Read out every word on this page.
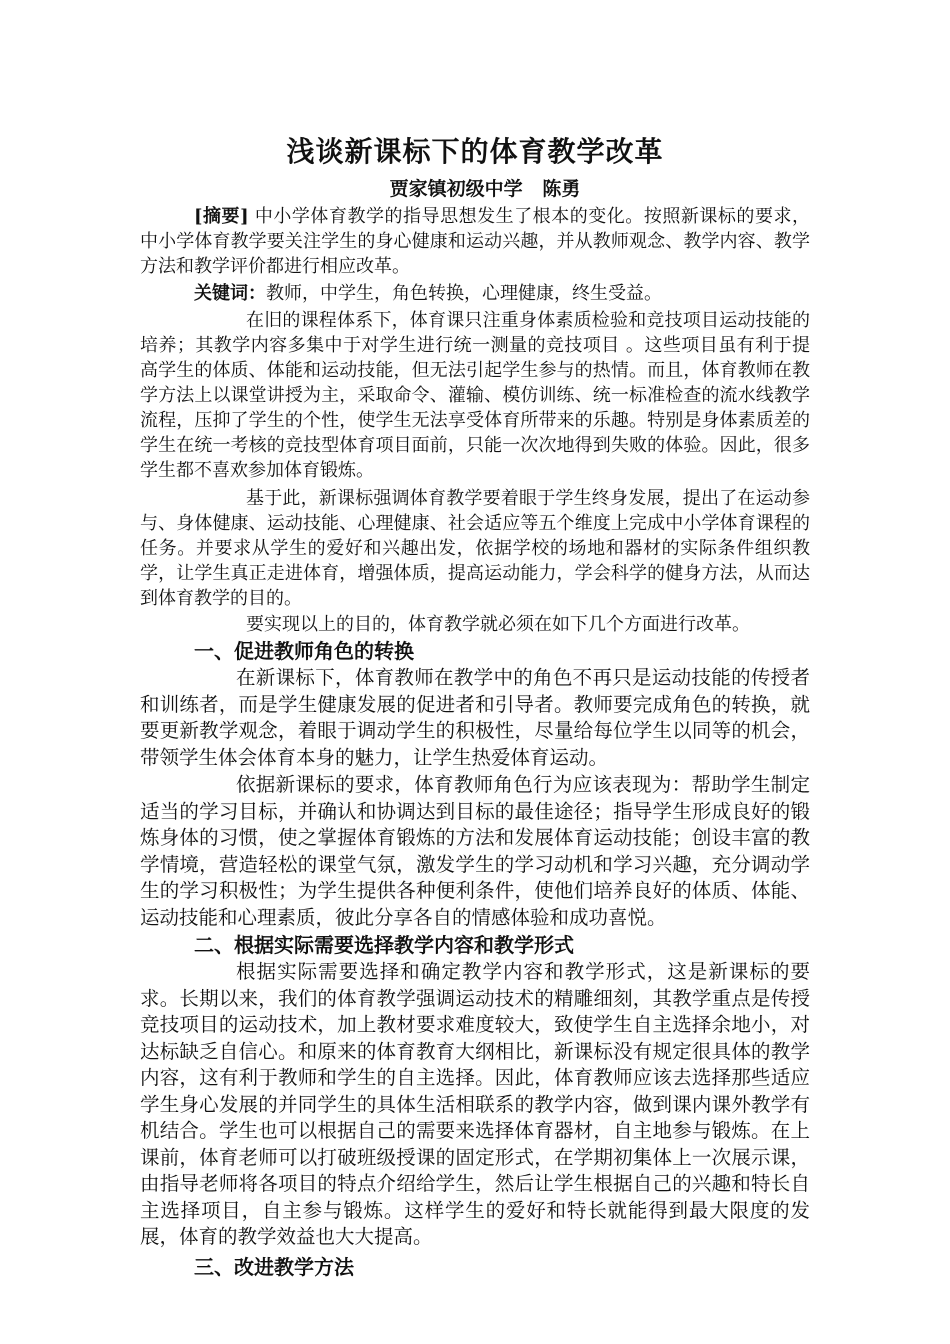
浅谈新课标下的体育教学改革
贾家镇初级中学   陈勇

[摘要] 中小学体育教学的指导思想发生了根本的变化。按照新课标的要求，中小学体育教学要关注学生的身心健康和运动兴趣，并从教师观念、教学内容、教学方法和教学评价都进行相应改革。

关键词：教师，中学生，角色转换，心理健康，终生受益。

在旧的课程体系下，体育课只注重身体素质检验和竞技项目运动技能的培养；其教学内容多集中于对学生进行统一测量的竞技项目 。这些项目虽有利于提高学生的体质、体能和运动技能，但无法引起学生参与的热情。而且，体育教师在教学方法上以课堂讲授为主，采取命令、灌输、模仿训练、统一标准检查的流水线教学流程，压抑了学生的个性，使学生无法享受体育所带来的乐趣。特别是身体素质差的学生在统一考核的竞技型体育项目面前，只能一次次地得到失败的体验。因此，很多学生都不喜欢参加体育锻炼。

基于此，新课标强调体育教学要着眼于学生终身发展，提出了在运动参与、身体健康、运动技能、心理健康、社会适应等五个维度上完成中小学体育课程的任务。并要求从学生的爱好和兴趣出发，依据学校的场地和器材的实际条件组织教学，让学生真正走进体育，增强体质，提高运动能力，学会科学的健身方法，从而达到体育教学的目的。

要实现以上的目的，体育教学就必须在如下几个方面进行改革。

一、促进教师角色的转换

在新课标下，体育教师在教学中的角色不再只是运动技能的传授者和训练者，而是学生健康发展的促进者和引导者。教师要完成角色的转换，就要更新教学观念，着眼于调动学生的积极性，尽量给每位学生以同等的机会，带领学生体会体育本身的魅力，让学生热爱体育运动。

依据新课标的要求，体育教师角色行为应该表现为：帮助学生制定适当的学习目标，并确认和协调达到目标的最佳途径；指导学生形成良好的锻炼身体的习惯，使之掌握体育锻炼的方法和发展体育运动技能；创设丰富的教学情境，营造轻松的课堂气氛，激发学生的学习动机和学习兴趣，充分调动学生的学习积极性；为学生提供各种便利条件，使他们培养良好的体质、体能、运动技能和心理素质，彼此分享各自的情感体验和成功喜悦。

二、根据实际需要选择教学内容和教学形式

根据实际需要选择和确定教学内容和教学形式，这是新课标的要求。长期以来，我们的体育教学强调运动技术的精雕细刻，其教学重点是传授竞技项目的运动技术，加上教材要求难度较大，致使学生自主选择余地小，对达标缺乏自信心。和原来的体育教育大纲相比，新课标没有规定很具体的教学内容，这有利于教师和学生的自主选择。因此，体育教师应该去选择那些适应学生身心发展的并同学生的具体生活相联系的教学内容，做到课内课外教学有机结合。学生也可以根据自己的需要来选择体育器材，自主地参与锻炼。在上课前，体育老师可以打破班级授课的固定形式，在学期初集体上一次展示课，由指导老师将各项目的特点介绍给学生，然后让学生根据自己的兴趣和特长自主选择项目，自主参与锻炼。这样学生的爱好和特长就能得到最大限度的发展，体育的教学效益也大大提高。

三、改进教学方法
